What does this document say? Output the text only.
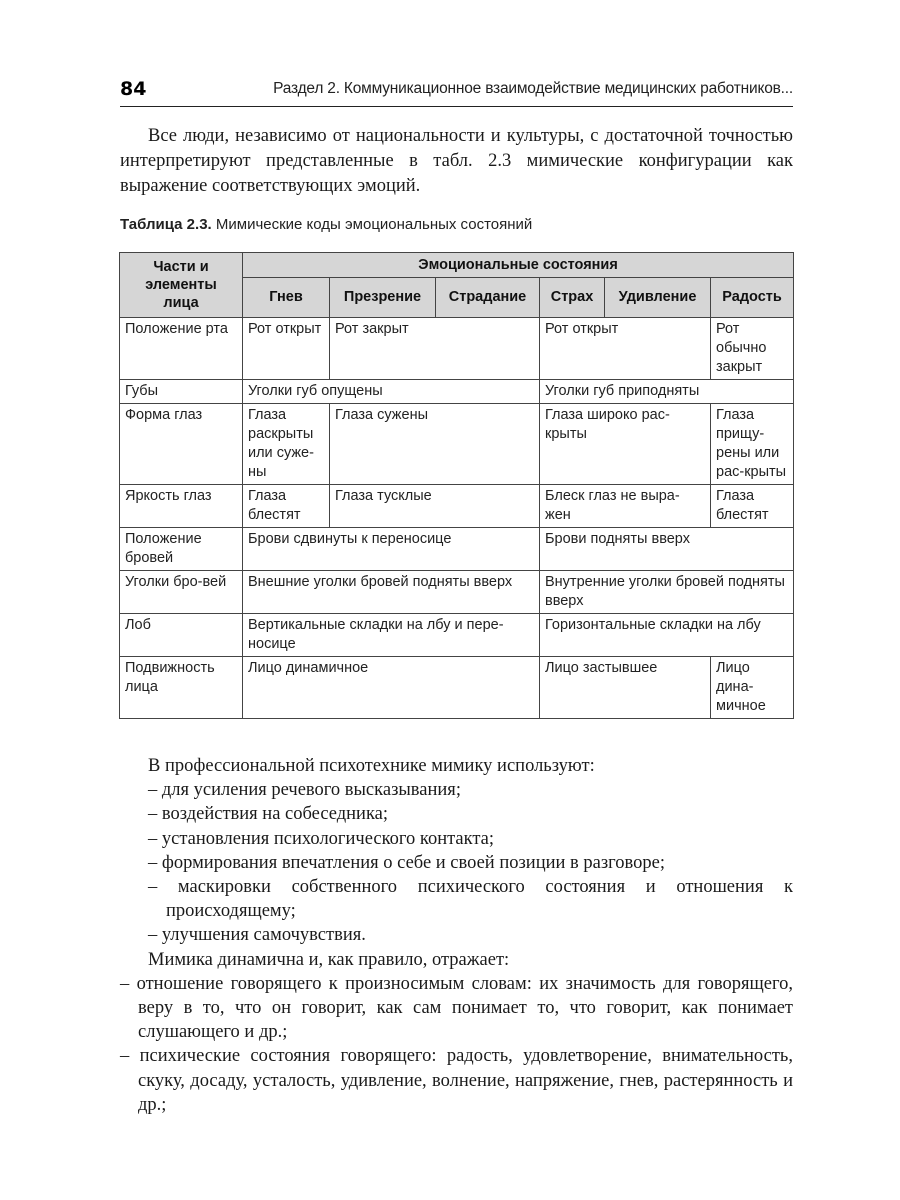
84	Раздел 2. Коммуникационное взаимодействие медицинских работников...

Все люди, независимо от национальности и культуры, с достаточной точностью интерпретируют представленные в табл. 2.3 мимические конфигурации как выражение соответствующих эмоций.

Таблица 2.3. Мимические коды эмоциональных состояний
Части и элементы лица	Эмоциональные состояния					
	Гнев	Презрение	Страдание	Страх	Удивление	Радость
Положение рта	Рот открыт	Рот закрыт		Рот открыт		Рот обычно закрыт
Губы	Уголки губ опущены			Уголки губ приподняты		
Форма глаз	Глаза раскрыты или суже-ны	Глаза сужены		Глаза широко рас-крыты		Глаза прищу-рены или рас-крыты
Яркость глаз	Глаза блестят	Глаза тусклые		Блеск глаз не выра-жен		Глаза блестят
Положение бровей	Брови сдвинуты к переносице			Брови подняты вверх		
Уголки бро-вей	Внешние уголки бровей подняты вверх			Внутренние уголки бровей подняты вверх		
Лоб	Вертикальные складки на лбу и пере-носице			Горизонтальные складки на лбу		
Подвижность лица	Лицо динамичное			Лицо застывшее		Лицо дина-мичное

В профессиональной психотехнике мимику используют:

– для усиления речевого высказывания;

– воздействия на собеседника;

– установления психологического контакта;

– формирования впечатления о себе и своей позиции в разговоре;

– маскировки собственного психического состояния и отношения к происходящему;

– улучшения самочувствия.

Мимика динамична и, как правило, отражает:

– отношение говорящего к произносимым словам: их значимость для говорящего, веру в то, что он говорит, как сам понимает то, что говорит, как понимает слушающего и др.;

– психические состояния говорящего: радость, удовлетворение, внимательность, скуку, досаду, усталость, удивление, волнение, напряжение, гнев, растерянность и др.;
